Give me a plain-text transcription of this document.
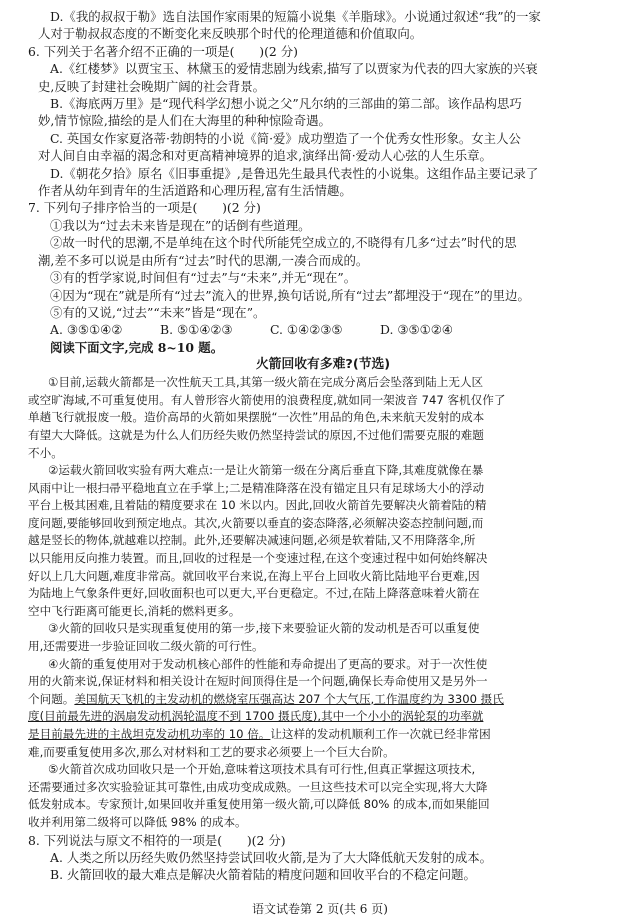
D.《我的叔叔于勒》选自法国作家雨果的短篇小说集《羊脂球》。小说通过叙述“我”的一家
人对于勒叔叔态度的不断变化来反映那个时代的伦理道德和价值取向。
6. 下列关于名著介绍不正确的一项是(　　)(2 分)
A.《红楼梦》以贾宝玉、林黛玉的爱情悲剧为线索,描写了以贾家为代表的四大家族的兴衰
史,反映了封建社会晚期广阔的社会背景。
B.《海底两万里》是“现代科学幻想小说之父”凡尔纳的三部曲的第二部。该作品构思巧
妙,情节惊险,描绘的是人们在大海里的种种惊险奇遇。
C. 英国女作家夏洛蒂·勃朗特的小说《简·爱》成功塑造了一个优秀女性形象。女主人公
对人间自由幸福的渴念和对更高精神境界的追求,演绎出简·爱动人心弦的人生乐章。
D.《朝花夕拾》原名《旧事重提》,是鲁迅先生最具代表性的小说集。这组作品主要记录了
作者从幼年到青年的生活道路和心理历程,富有生活情趣。
7. 下列句子排序恰当的一项是(　　)(2 分)
①我以为“过去未来皆是现在”的话倒有些道理。
②故一时代的思潮,不是单纯在这个时代所能凭空成立的,不晓得有几多“过去”时代的思
潮,差不多可以说是由所有“过去”时代的思潮,一凑合而成的。
③有的哲学家说,时间但有“过去”与“未来”,并无“现在”。
④因为“现在”就是所有“过去”流入的世界,换句话说,所有“过去”都埋没于“现在”的里边。
⑤有的又说,“过去”“未来”皆是“现在”。
A. ③⑤①④②	B. ⑤①④②③	C. ①④②③⑤	D. ③⑤①②④
阅读下面文字,完成 8~10 题。
火箭回收有多难?(节选)
①目前,运载火箭都是一次性航天工具,其第一级火箭在完成分离后会坠落到陆上无人区
或空旷海域,不可重复使用。有人曾形容火箭使用的浪费程度,就如同一架波音 747 客机仅作了
单趟飞行就报废一般。造价高昂的火箭如果摆脱“一次性”用品的角色,未来航天发射的成本
有望大大降低。这就是为什么人们历经失败仍然坚持尝试的原因,不过他们需要克服的难题
不小。
②运载火箭回收实验有两大难点:一是让火箭第一级在分离后垂直下降,其难度就像在暴
风雨中让一根扫帚平稳地直立在手掌上;二是精准降落在没有锚定且只有足球场大小的浮动
平台上极其困难,且着陆的精度要求在 10 米以内。因此,回收火箭首先要解决火箭着陆的精
度问题,要能够回收到预定地点。其次,火箭要以垂直的姿态降落,必须解决姿态控制问题,而
越是竖长的物体,就越难以控制。此外,还要解决减速问题,必须是软着陆,又不用降落伞,所
以只能用反向推力装置。而且,回收的过程是一个变速过程,在这个变速过程中如何始终解决
好以上几大问题,难度非常高。就回收平台来说,在海上平台上回收火箭比陆地平台更难,因
为陆地上气象条件更好,回收面积也可以更大,平台更稳定。不过,在陆上降落意味着火箭在
空中飞行距离可能更长,消耗的燃料更多。
③火箭的回收只是实现重复使用的第一步,接下来要验证火箭的发动机是否可以重复使
用,还需要进一步验证回收二级火箭的可行性。
④火箭的重复使用对于发动机核心部件的性能和寿命提出了更高的要求。对于一次性使
用的火箭来说,保证材料和相关设计在短时间顶得住是一个问题,确保长寿命使用又是另外一
个问题。美国航天飞机的主发动机的燃烧室压强高达 207 个大气压,工作温度约为 3300 摄氏
度(目前最先进的涡扇发动机涡轮温度不到 1700 摄氏度),其中一个小小的涡轮泵的功率就
是目前最先进的主战坦克发动机功率的 10 倍。让这样的发动机顺利工作一次就已经非常困
难,而要重复使用多次,那么对材料和工艺的要求必须要上一个巨大台阶。
⑤火箭首次成功回收只是一个开始,意味着这项技术具有可行性,但真正掌握这项技术,
还需要通过多次实验验证其可靠性,由成功变成成熟。一旦这些技术可以完全实现,将大大降
低发射成本。专家预计,如果回收并重复使用第一级火箭,可以降低 80% 的成本,而如果能回
收并利用第二级将可以降低 98% 的成本。
8. 下列说法与原文不相符的一项是(　　)(2 分)
A. 人类之所以历经失败仍然坚持尝试回收火箭,是为了大大降低航天发射的成本。
B. 火箭回收的最大难点是解决火箭着陆的精度问题和回收平台的不稳定问题。
语文试卷第 2 页(共 6 页)
